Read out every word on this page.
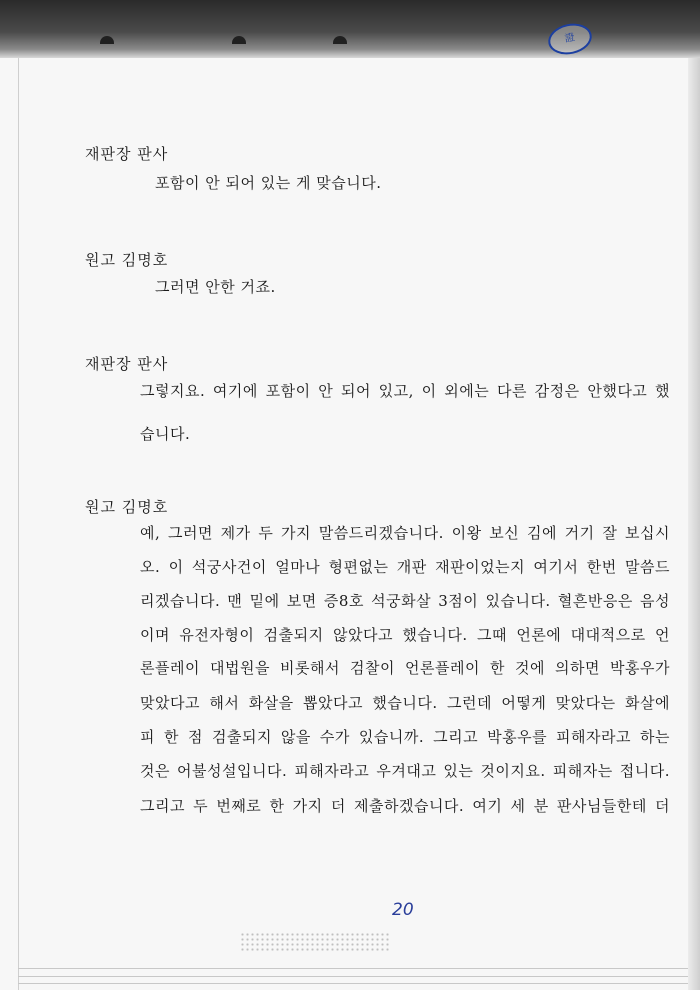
證
재판장 판사
포함이 안 되어 있는 게 맞습니다.
원고 김명호
그러면 안한 거죠.
재판장 판사
그렇지요. 여기에 포함이 안 되어 있고, 이 외에는 다른 감정은 안했다고 했
습니다.
원고 김명호
예, 그러면 제가 두 가지 말씀드리겠습니다. 이왕 보신 김에 거기 잘 보십시
오. 이 석궁사건이 얼마나 형편없는 개판 재판이었는지 여기서 한번 말씀드
리겠습니다. 맨 밑에 보면 증8호 석궁화살 3점이 있습니다. 혈흔반응은 음성
이며 유전자형이 검출되지 않았다고 했습니다. 그때 언론에 대대적으로 언
론플레이 대법원을 비롯해서 검찰이 언론플레이 한 것에 의하면 박홍우가
맞았다고 해서 화살을 뽑았다고 했습니다. 그런데 어떻게 맞았다는 화살에
피 한 점 검출되지 않을 수가 있습니까. 그리고 박홍우를 피해자라고 하는
것은 어불성설입니다. 피해자라고 우겨대고 있는 것이지요. 피해자는 접니다.
그리고 두 번째로 한 가지 더 제출하겠습니다. 여기 세 분 판사님들한테 더
20
